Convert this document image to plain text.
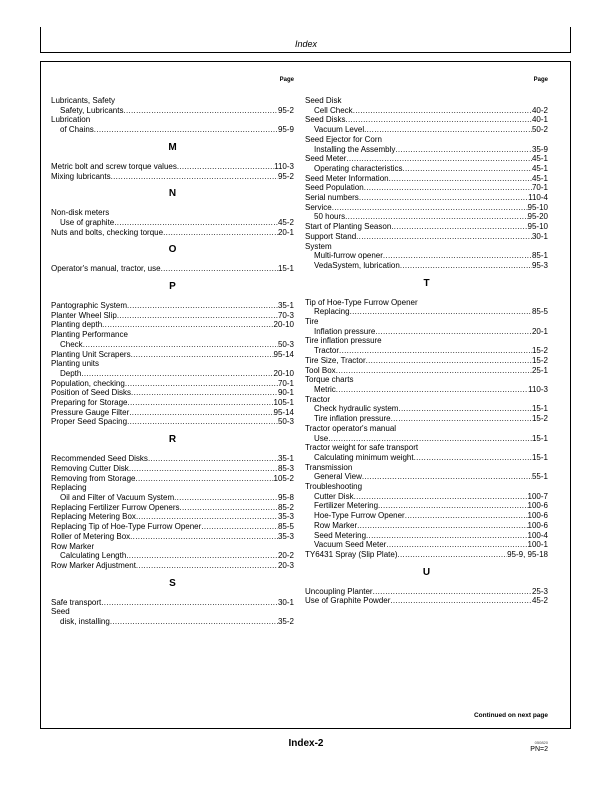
Index
Page
Lubricants, Safety
Safety, Lubricants .....	95-2
Lubrication
of Chains .....	95-9
M
Metric bolt and screw torque values .....	110-3
Mixing lubricants .....	95-2
N
Non-disk meters
Use of graphite .....	45-2
Nuts and bolts, checking torque .....	20-1
O
Operator's manual, tractor, use .....	15-1
P
Pantographic System .....	35-1
Planter Wheel Slip .....	70-3
Planting depth .....	20-10
Planting Performance
Check .....	50-3
Planting Unit Scrapers .....	95-14
Planting units
Depth .....	20-10
Population, checking .....	70-1
Position of Seed Disks .....	90-1
Preparing for Storage .....	105-1
Pressure Gauge Filter .....	95-14
Proper Seed Spacing .....	50-3
R
Recommended Seed Disks .....	35-1
Removing Cutter Disk .....	85-3
Removing from Storage .....	105-2
Replacing
Oil and Filter of Vacuum System .....	95-8
Replacing Fertilizer Furrow Openers .....	85-2
Replacing Metering Box .....	35-3
Replacing Tip of Hoe-Type Furrow Opener .....	85-5
Roller of Metering Box .....	35-3
Row Marker
Calculating Length .....	20-2
Row Marker Adjustment .....	20-3
S
Safe transport .....	30-1
Seed
disk, installing .....	35-2
Page
Seed Disk
Cell Check .....	40-2
Seed Disks .....	40-1
Vacuum Level .....	50-2
Seed Ejector for Corn
Installing the Assembly .....	35-9
Seed Meter .....	45-1
Operating characteristics .....	45-1
Seed Meter Information .....	45-1
Seed Population .....	70-1
Serial numbers .....	110-4
Service .....	95-10
50 hours .....	95-20
Start of Planting Season .....	95-10
Support Stand .....	30-1
System
Multi-furrow opener .....	85-1
VedaSystem, lubrication .....	95-3
T
Tip of Hoe-Type Furrow Opener
Replacing .....	85-5
Tire
Inflation pressure .....	20-1
Tire inflation pressure
Tractor .....	15-2
Tire Size, Tractor .....	15-2
Tool Box .....	25-1
Torque charts
Metric .....	110-3
Tractor
Check hydraulic system .....	15-1
Tire inflation pressure .....	15-2
Tractor operator's manual
Use .....	15-1
Tractor weight for safe transport
Calculating minimum weight .....	15-1
Transmission
General View .....	55-1
Troubleshooting
Cutter Disk .....	100-7
Fertilizer Metering .....	100-6
Hoe-Type Furrow Opener .....	100-6
Row Marker .....	100-6
Seed Metering .....	100-4
Vacuum Seed Meter .....	100-1
TY6431 Spray (Slip Plate) .....	95-9, 95-18
U
Uncoupling Planter .....	25-3
Use of Graphite Powder .....	45-2
Continued on next page
Index-2	050820
PN=2
